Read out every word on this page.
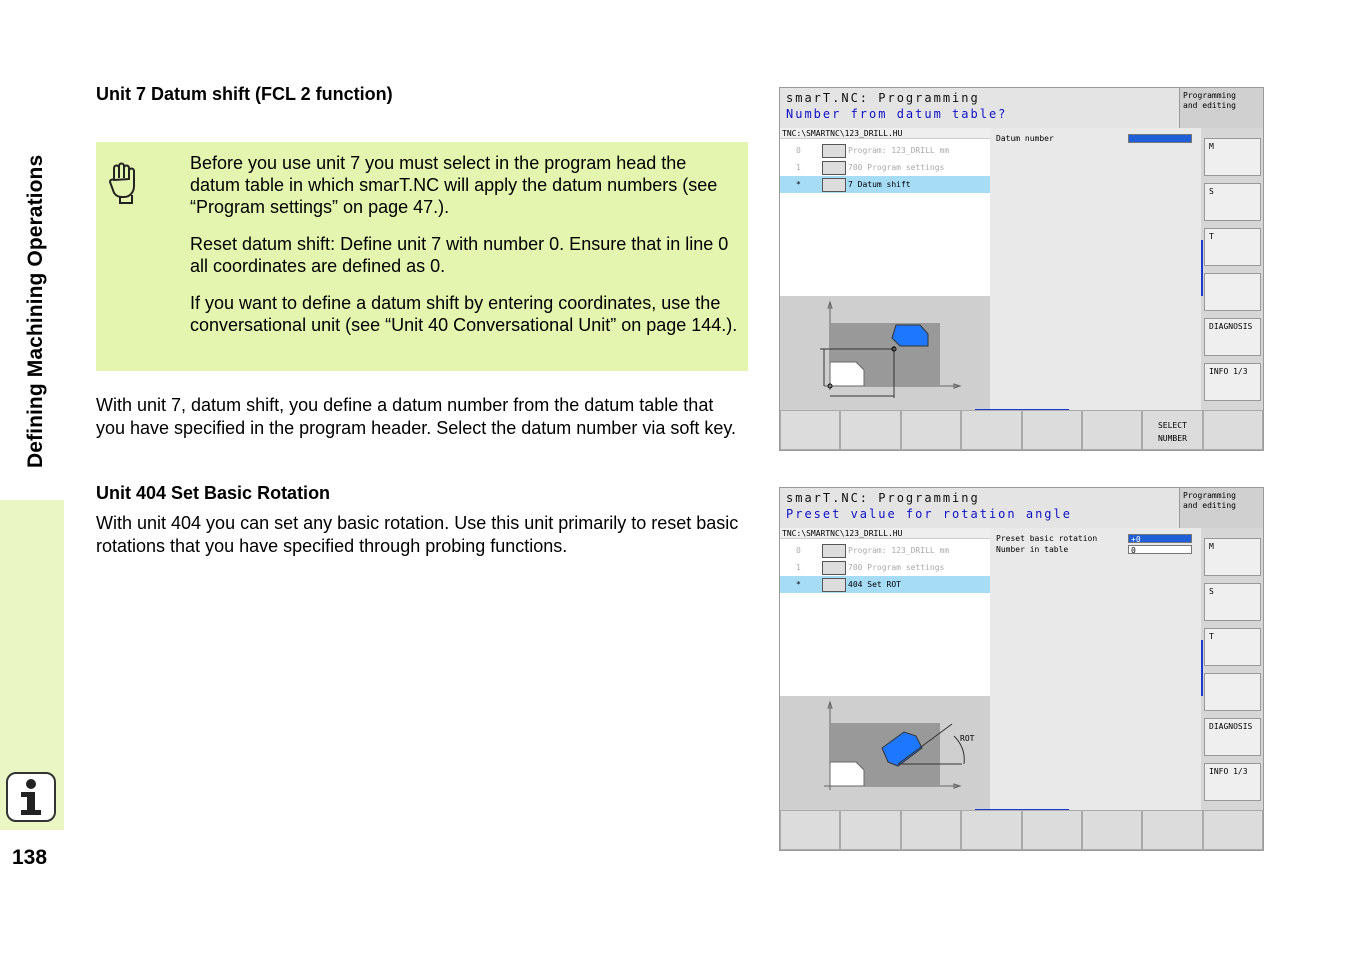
Defining Machining Operations
138
Unit 7 Datum shift (FCL 2 function)

Before you use unit 7 you must select in the program head the datum table in which smarT.NC will apply the datum numbers (see “Program settings” on page 47.).

Reset datum shift: Define unit 7 with number 0. Ensure that in line 0 all coordinates are defined as 0.

If you want to define a datum shift by entering coordinates, use the conversational unit (see “Unit 40 Conversational Unit” on page 144.).

With unit 7, datum shift, you define a datum number from the datum table that you have specified in the program header. Select the datum number via soft key.

Unit 404 Set Basic Rotation

With unit 404 you can set any basic rotation. Use this unit primarily to reset basic rotations that you have specified through probing functions.

smarT.NC: Programming
Number from datum table?
Programming
and editing
TNC:\SMARTNC\123_DRILL.HU
0	Program: 123_DRILL mm
1	700 Program settings
*	7 Datum shift
Datum number
M
S
T
DIAGNOSIS
INFO 1/3
SELECT
NUMBER
smarT.NC: Programming
Preset value for rotation angle
Programming
and editing
TNC:\SMARTNC\123_DRILL.HU
0	Program: 123_DRILL mm
1	700 Program settings
*	404 Set ROT
Preset basic rotation	+0
Number in table	0
ROT
M
S
T
DIAGNOSIS
INFO 1/3
